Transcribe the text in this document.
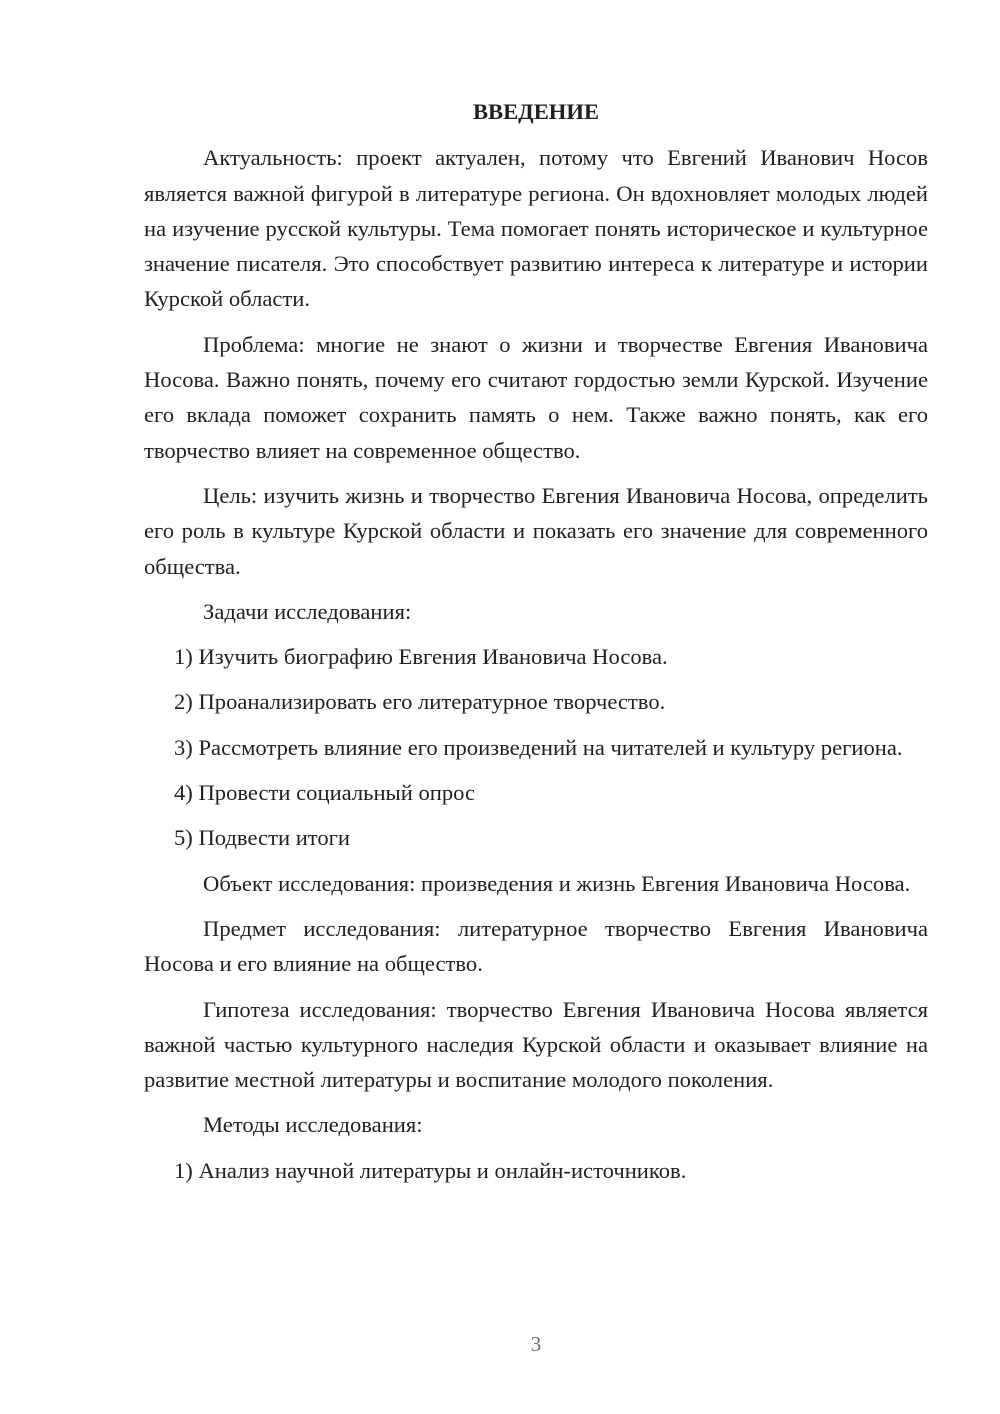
ВВЕДЕНИЕ

Актуальность: проект актуален, потому что Евгений Иванович Носов является важной фигурой в литературе региона. Он вдохновляет молодых людей на изучение русской культуры. Тема помогает понять историческое и культурное значение писателя. Это способствует развитию интереса к литературе и истории Курской области.

Проблема: многие не знают о жизни и творчестве Евгения Ивановича Носова. Важно понять, почему его считают гордостью земли Курской. Изучение его вклада поможет сохранить память о нем. Также важно понять, как его творчество влияет на современное общество.

Цель: изучить жизнь и творчество Евгения Ивановича Носова, определить его роль в культуре Курской области и показать его значение для современного общества.

Задачи исследования:

1) Изучить биографию Евгения Ивановича Носова.

2) Проанализировать его литературное творчество.

3) Рассмотреть влияние его произведений на читателей и культуру региона.

4) Провести социальный опрос

5) Подвести итоги

Объект исследования: произведения и жизнь Евгения Ивановича Носова.

Предмет исследования: литературное творчество Евгения Ивановича Носова и его влияние на общество.

Гипотеза исследования: творчество Евгения Ивановича Носова является важной частью культурного наследия Курской области и оказывает влияние на развитие местной литературы и воспитание молодого поколения.

Методы исследования:

1) Анализ научной литературы и онлайн-источников.

3
